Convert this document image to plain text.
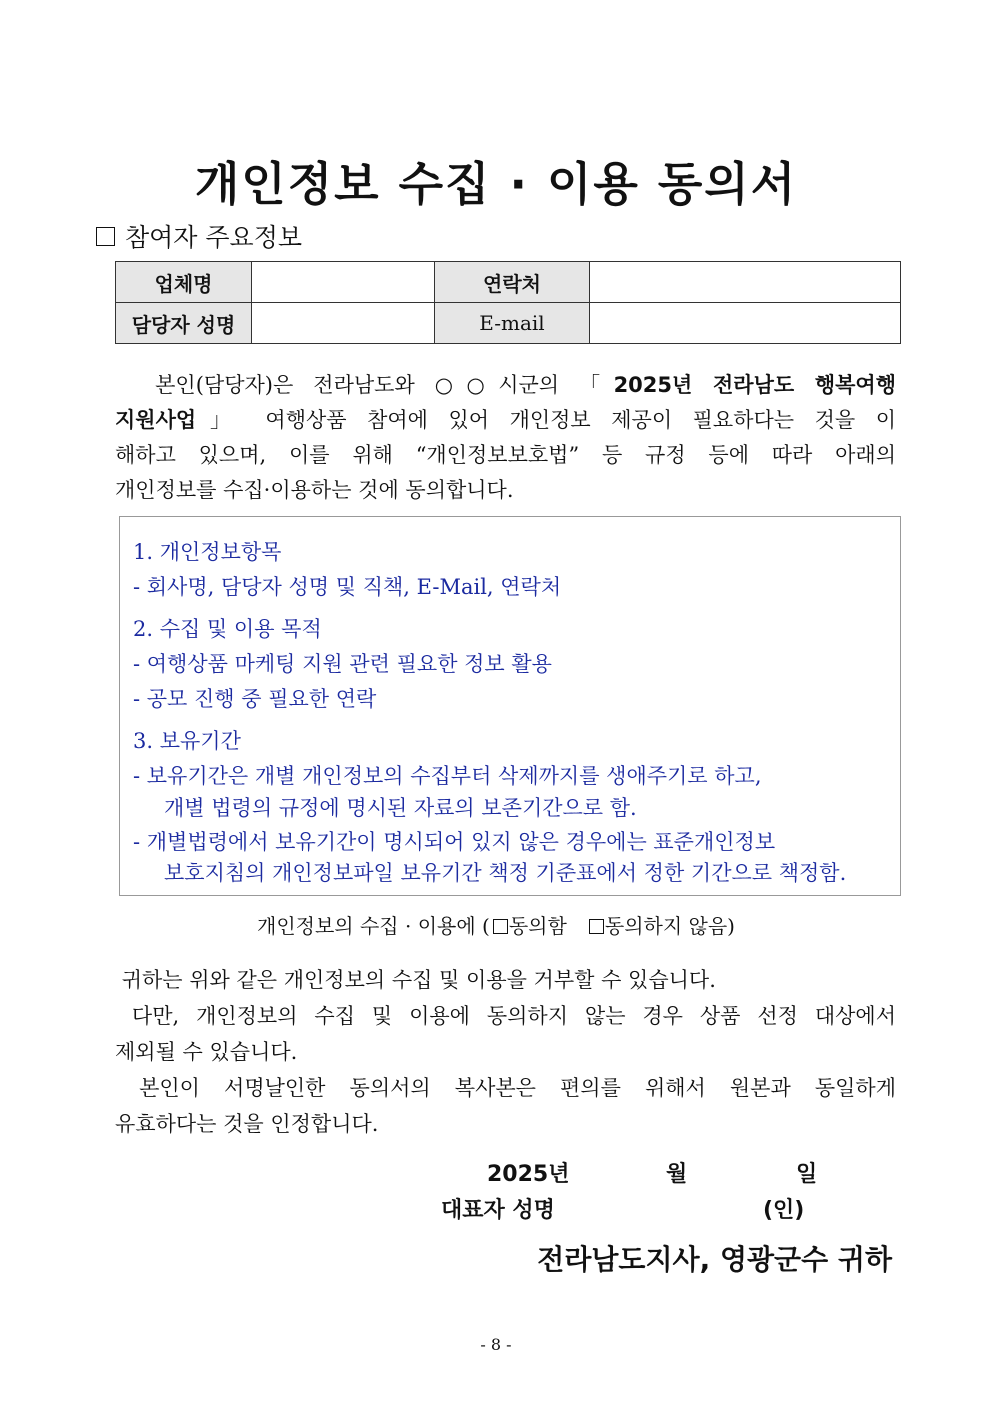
개인정보 수집 · 이용 동의서
참여자 주요정보
업체명		연락처	
담당자 성명		E-mail	
본인(담당자)은 전라남도와 ○○시군의 「2025년 전라남도 행복여행
지원사업」 여행상품 참여에 있어 개인정보 제공이 필요하다는 것을 이
해하고 있으며, 이를 위해 “개인정보보호법” 등 규정 등에 따라 아래의
개인정보를 수집·이용하는 것에 동의합니다.
1. 개인정보항목
- 회사명, 담당자 성명 및 직책, E-Mail, 연락처
2. 수집 및 이용 목적
- 여행상품 마케팅 지원 관련 필요한 정보 활용
- 공모 진행 중 필요한 연락
3. 보유기간
- 보유기간은 개별 개인정보의 수집부터 삭제까지를 생애주기로 하고,
개별 법령의 규정에 명시된 자료의 보존기간으로 함.
- 개별법령에서 보유기간이 명시되어 있지 않은 경우에는 표준개인정보
보호지침의 개인정보파일 보유기간 책정 기준표에서 정한 기간으로 책정함.
개인정보의 수집 · 이용에 ( 동의함 동의하지 않음)
귀하는 위와 같은 개인정보의 수집 및 이용을 거부할 수 있습니다.
다만, 개인정보의 수집 및 이용에 동의하지 않는 경우 상품 선정 대상에서
제외될 수 있습니다.
본인이 서명날인한 동의서의 복사본은 편의를 위해서 원본과 동일하게
유효하다는 것을 인정합니다.
2025년	월	일
대표자 성명	(인)
전라남도지사, 영광군수 귀하
- 8 -
